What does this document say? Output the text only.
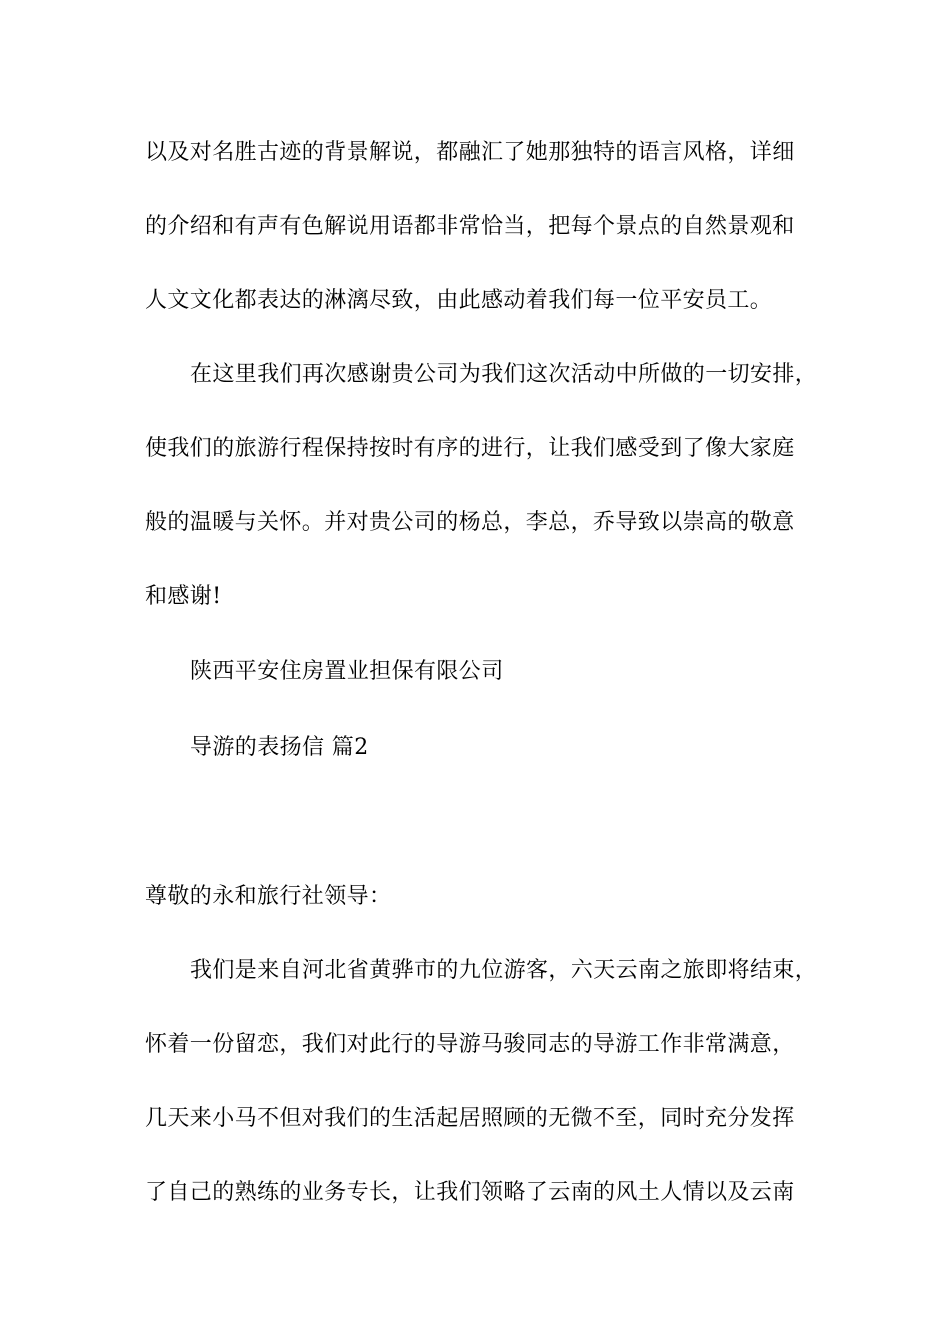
以及对名胜古迹的背景解说，都融汇了她那独特的语言风格，详细
的介绍和有声有色解说用语都非常恰当，把每个景点的自然景观和
人文文化都表达的淋漓尽致，由此感动着我们每一位平安员工。
在这里我们再次感谢贵公司为我们这次活动中所做的一切安排，
使我们的旅游行程保持按时有序的进行，让我们感受到了像大家庭
般的温暖与关怀。并对贵公司的杨总，李总，乔导致以崇高的敬意
和感谢!
陕西平安住房置业担保有限公司
导游的表扬信 篇2
尊敬的永和旅行社领导：
我们是来自河北省黄骅市的九位游客，六天云南之旅即将结束，
怀着一份留恋，我们对此行的导游马骏同志的导游工作非常满意，
几天来小马不但对我们的生活起居照顾的无微不至，同时充分发挥
了自己的熟练的业务专长，让我们领略了云南的风土人情以及云南
